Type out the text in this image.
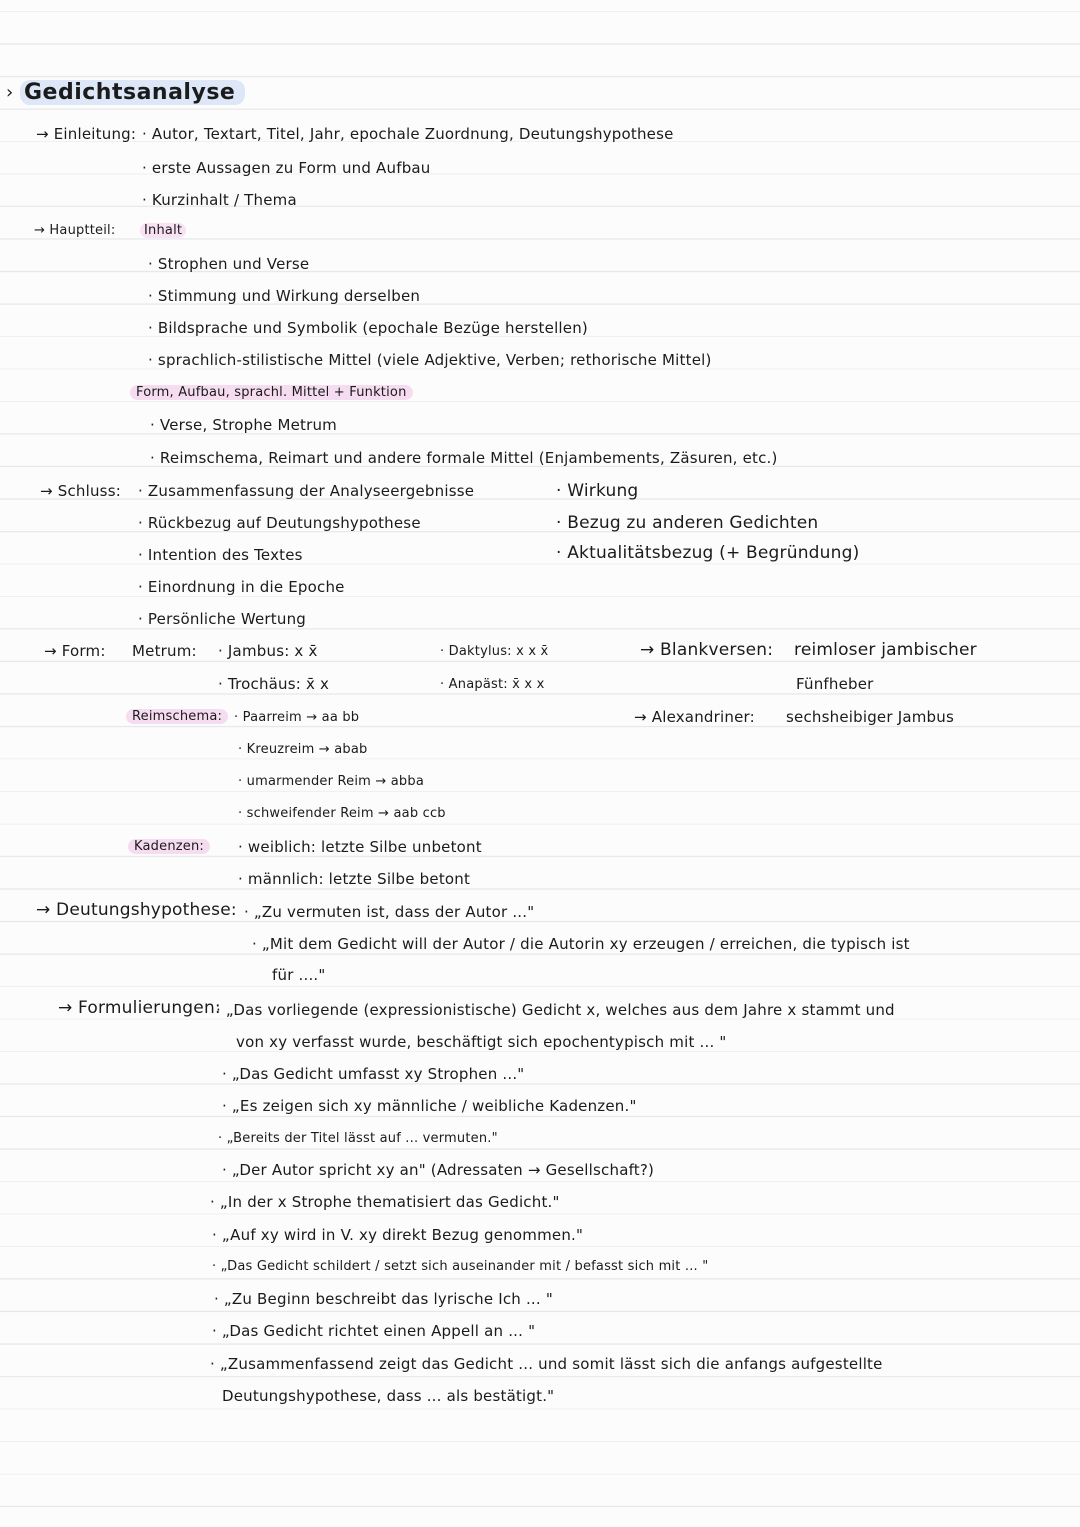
› Gedichtsanalyse
→ Einleitung: · Autor, Textart, Titel, Jahr, epochale Zuordnung, Deutungshypothese
· erste Aussagen zu Form und Aufbau
· Kurzinhalt / Thema
→ Hauptteil:	Inhalt
· Strophen und Verse
· Stimmung und Wirkung derselben
· Bildsprache und Symbolik (epochale Bezüge herstellen)
· sprachlich-stilistische Mittel (viele Adjektive, Verben; rethorische Mittel)
Form, Aufbau, sprachl. Mittel + Funktion
· Verse, Strophe Metrum
· Reimschema, Reimart und andere formale Mittel (Enjambements, Zäsuren, etc.)
→ Schluss: · Zusammenfassung der Analyseergebnisse
· Rückbezug auf Deutungshypothese
· Intention des Textes
· Einordnung in die Epoche
· Persönliche Wertung
· Wirkung
· Bezug zu anderen Gedichten
· Aktualitätsbezug (+ Begründung)
→ Form: Metrum: · Jambus: x x̄
· Trochäus: x̄ x
· Daktylus: x x x̄
· Anapäst: x̄ x x
→ Blankversen: reimloser jambischer
Fünfheber
→ Alexandriner: sechsheibiger Jambus
Reimschema: · Paarreim → aa bb
· Kreuzreim → abab
· umarmender Reim → abba
· schweifender Reim → aab ccb
Kadenzen:	· weiblich: letzte Silbe unbetont
· männlich: letzte Silbe betont
→ Deutungshypothese: · „Zu vermuten ist, dass der Autor ..."
· „Mit dem Gedicht will der Autor / die Autorin xy erzeugen / erreichen, die typisch ist
für ...."
→ Formulierungen:
· „Das vorliegende (expressionistische) Gedicht x, welches aus dem Jahre x stammt und
von xy verfasst wurde, beschäftigt sich epochentypisch mit ... "
· „Das Gedicht umfasst xy Strophen ..."
· „Es zeigen sich xy männliche / weibliche Kadenzen."
· „Bereits der Titel lässt auf ... vermuten."
· „Der Autor spricht xy an" (Adressaten → Gesellschaft?)
· „In der x Strophe thematisiert das Gedicht."
· „Auf xy wird in V. xy direkt Bezug genommen."
· „Das Gedicht schildert / setzt sich auseinander mit / befasst sich mit ... "
· „Zu Beginn beschreibt das lyrische Ich ... "
· „Das Gedicht richtet einen Appell an ... "
· „Zusammenfassend zeigt das Gedicht ... und somit lässt sich die anfangs aufgestellte
Deutungshypothese, dass ... als bestätigt."
